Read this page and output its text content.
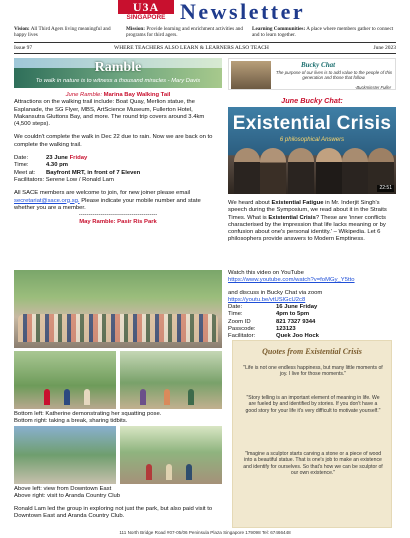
U3A
SINGAPORE Newsletter
Vision: All Third Agers living meaningful and happy lives
Mission: Provide learning and enrichment activities and programs for third agers.
Learning Communities: A place where members gather to connect and to learn together.
Issue 97	WHERE TEACHERS ALSO LEARN & LEARNERS ALSO TEACH	June 2023
Ramble
To walk in nature is to witness a thousand miracles - Mary Davis
June Ramble: Marina Bay Walking Tail
Attractions on the walking trail include: Boat Quay, Merlion statue, the Esplanade, the SG Flyer, MBS, ArtScience Museum, Fullerton Hotel, Makansutra Gluttons Bay, and more. The round trip covers around 3.4km (4,500 steps).
We couldn't complete the walk in Dec 22 due to rain. Now we are back on to complete the walking trail.
Date:	23 June
Friday
Time:	4.30 pm
Meet at:	Bayfront MRT, in front of 7 Eleven
Facilitators: Serene Low / Ronald Lam
All SACE members are welcome to join, for new joiner please email secretariat@sace.org.sg. Please indicate your mobile number and state whether you are a member.
----------------------------------------
May Ramble: Pasir Ris Park
Bottom left: Katherine demonstrating her squatting pose.
Bottom right: taking a break, sharing tidbits.
Above left: view from Downtown East
Above right: visit to Aranda Country Club
Ronald Lam led the group in exploring not just the park, but also paid visit to Downtown East and Aranda Country Club.
Bucky Chat
The purpose of our lives is to add value to the people of this generation and those that follow.
-Buckminster Fuller
June Bucky Chat:
Existential Crisis
6 philosophical Answers
22:51
We heard about Existential Fatigue in Mr. Inderjit Singh's speech during the Symposium, we read about it in the Straits Times. What is Existential Crisis? These are 'inner conflicts characterised by the impression that life lacks meaning or by confusion about one's personal identity.' – Wikipedia. Let 6 philosophers provide answers to Modern Emptiness.
Watch this video on YouTube
https://www.youtube.com/watch?v=foMGy_Y5tto
and discuss in Bucky Chat via zoom
https://youtu.be/vtUSlGcU2c8
Date:	16 June Friday
Time:	4pm to 5pm
Zoom ID	821 7327 9344
Passcode:	123123
Facilitator:	Quek Joo Hock
Quotes from Existential Crisis
"Life is not one endless happiness, but many little moments of joy. I live for those moments."
"Story telling is an important element of meaning in life. We are fueled by and identified by stories. If you don't have a good story for your life it's very difficult to motivate yourself."
"Imagine a sculptor starts carving a stone or a piece of wood into a beautiful statue. That is one's job to make an existence and identify for ourselves. So that's how we can be sculptor of our own existence."
111 North Bridge Road #07-05/06 Peninsula Plaza Singapore 179098 Tel: 67466448
